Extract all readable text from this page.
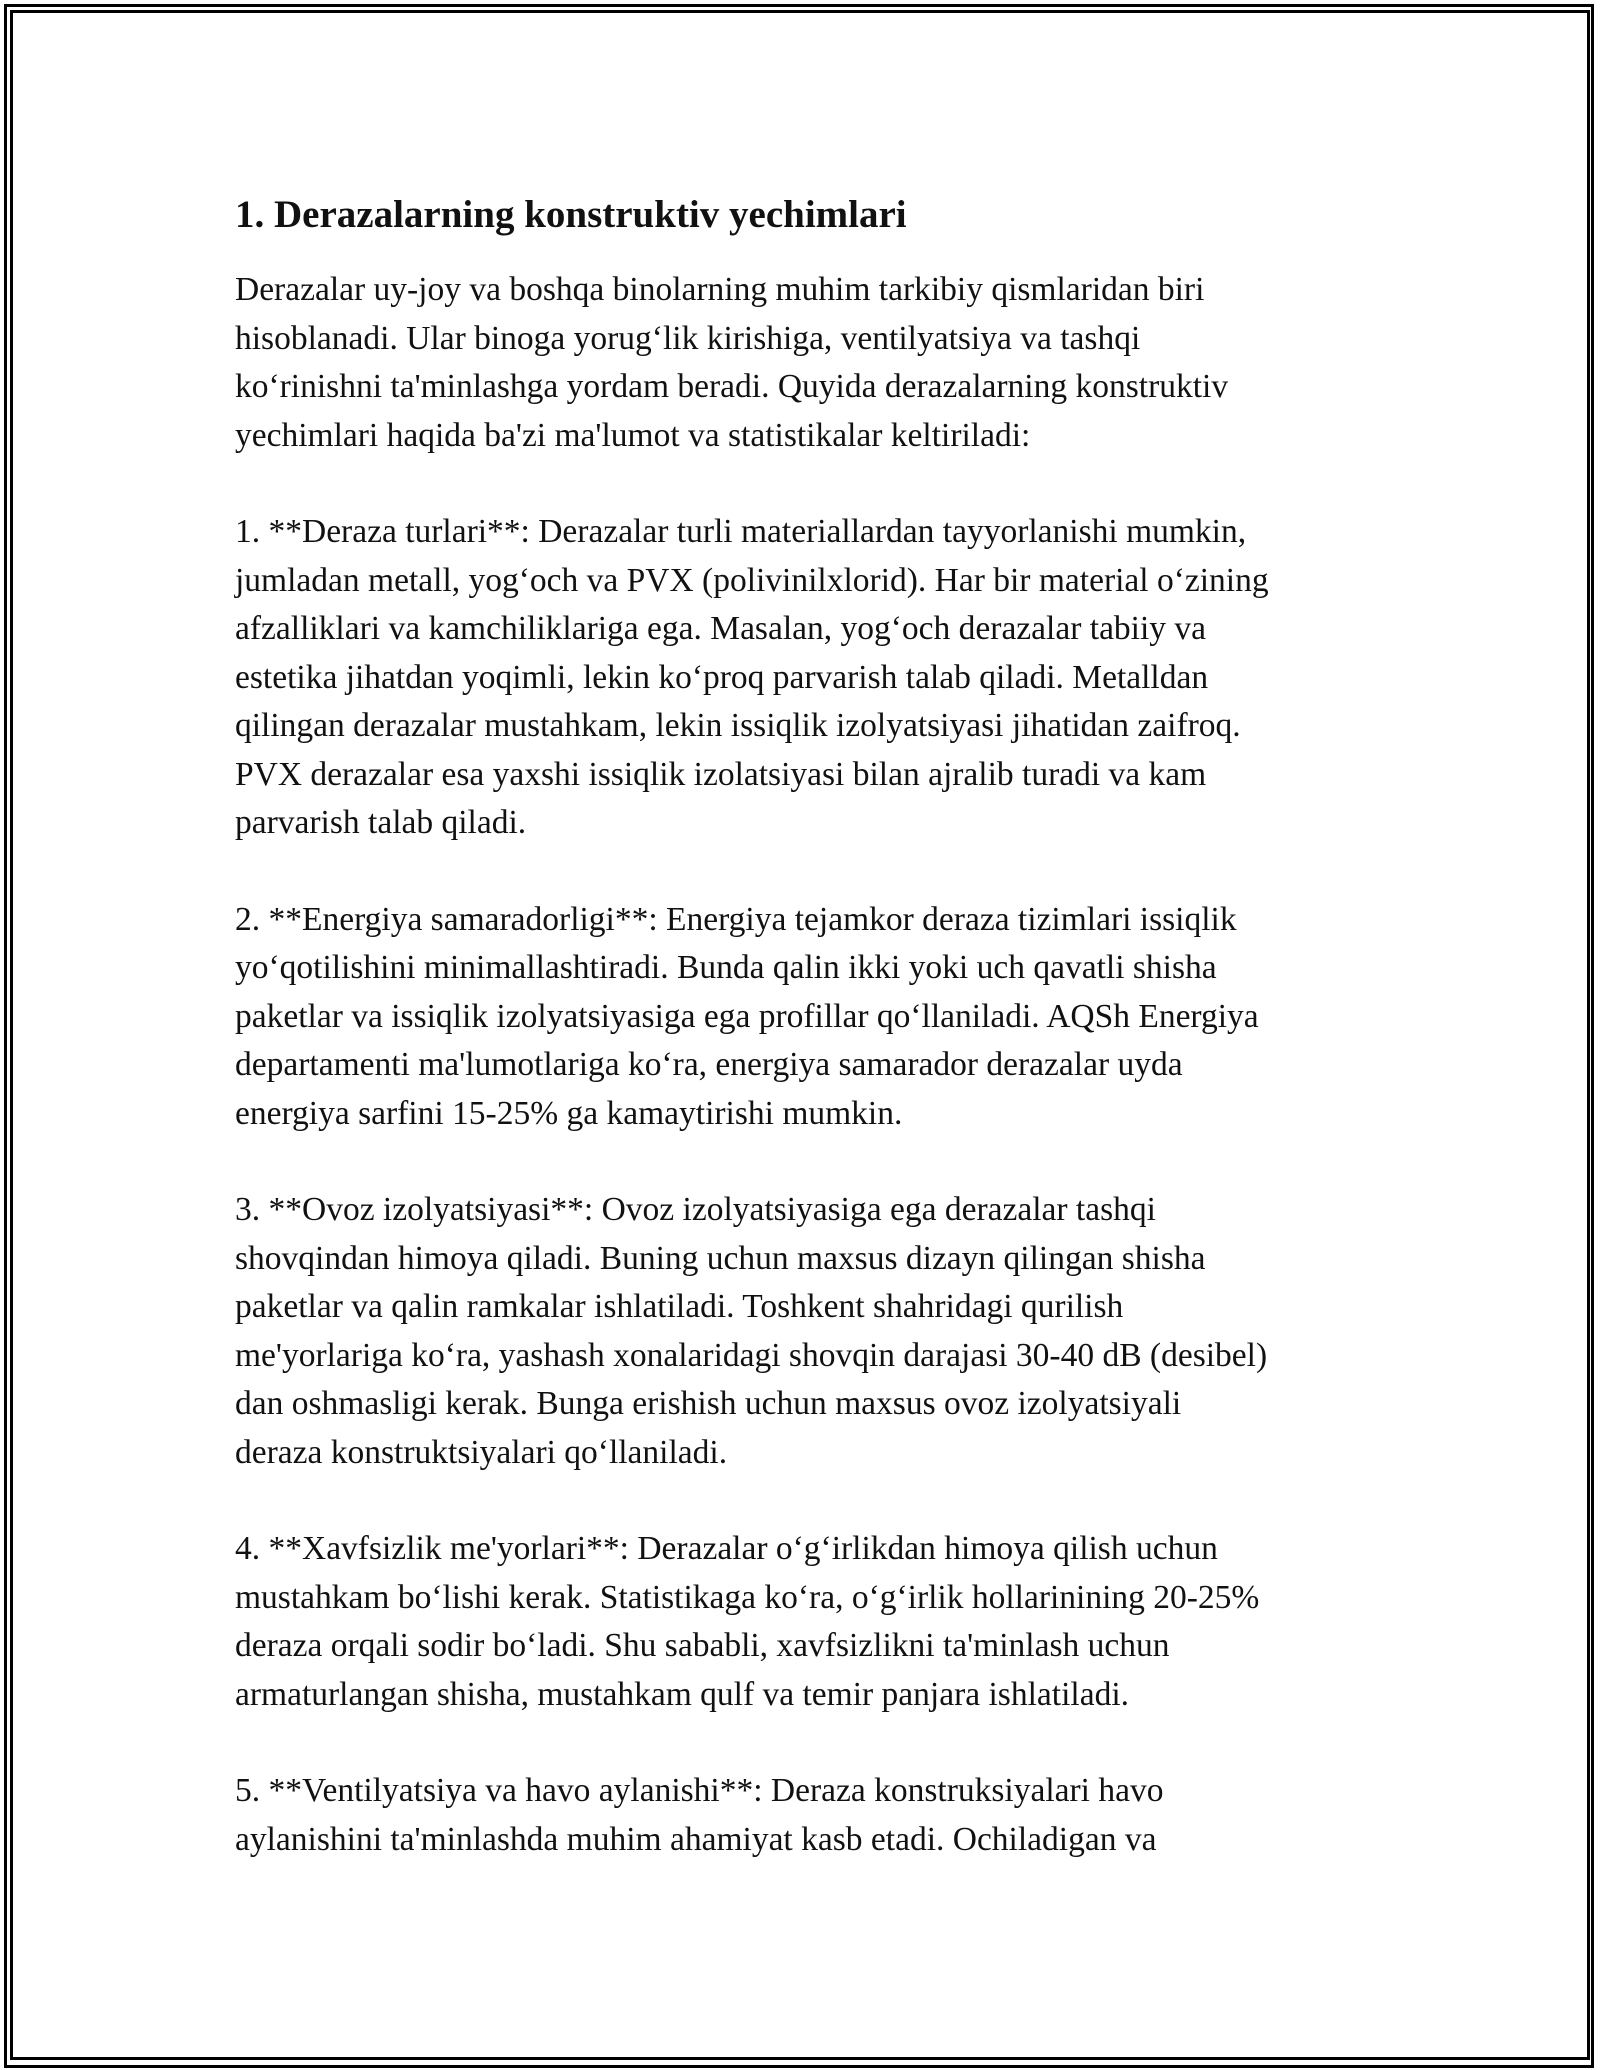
1. Derazalarning konstruktiv yechimlari

Derazalar uy-joy va boshqa binolarning muhim tarkibiy qismlaridan biri
hisoblanadi. Ular binoga yorug‘lik kirishiga, ventilyatsiya va tashqi
ko‘rinishni ta'minlashga yordam beradi. Quyida derazalarning konstruktiv
yechimlari haqida ba'zi ma'lumot va statistikalar keltiriladi:

1. **Deraza turlari**: Derazalar turli materiallardan tayyorlanishi mumkin,
jumladan metall, yog‘och va PVX (polivinilxlorid). Har bir material o‘zining
afzalliklari va kamchiliklariga ega. Masalan, yog‘och derazalar tabiiy va
estetika jihatdan yoqimli, lekin ko‘proq parvarish talab qiladi. Metalldan
qilingan derazalar mustahkam, lekin issiqlik izolyatsiyasi jihatidan zaifroq.
PVX derazalar esa yaxshi issiqlik izolatsiyasi bilan ajralib turadi va kam
parvarish talab qiladi.

2. **Energiya samaradorligi**: Energiya tejamkor deraza tizimlari issiqlik
yo‘qotilishini minimallashtiradi. Bunda qalin ikki yoki uch qavatli shisha
paketlar va issiqlik izolyatsiyasiga ega profillar qo‘llaniladi. AQSh Energiya
departamenti ma'lumotlariga ko‘ra, energiya samarador derazalar uyda
energiya sarfini 15-25% ga kamaytirishi mumkin.

3. **Ovoz izolyatsiyasi**: Ovoz izolyatsiyasiga ega derazalar tashqi
shovqindan himoya qiladi. Buning uchun maxsus dizayn qilingan shisha
paketlar va qalin ramkalar ishlatiladi. Toshkent shahridagi qurilish
me'yorlariga ko‘ra, yashash xonalaridagi shovqin darajasi 30-40 dB (desibel)
dan oshmasligi kerak. Bunga erishish uchun maxsus ovoz izolyatsiyali
deraza konstruktsiyalari qo‘llaniladi.

4. **Xavfsizlik me'yorlari**: Derazalar o‘g‘irlikdan himoya qilish uchun
mustahkam bo‘lishi kerak. Statistikaga ko‘ra, o‘g‘irlik hollarinining 20-25%
deraza orqali sodir bo‘ladi. Shu sababli, xavfsizlikni ta'minlash uchun
armaturlangan shisha, mustahkam qulf va temir panjara ishlatiladi.

5. **Ventilyatsiya va havo aylanishi**: Deraza konstruksiyalari havo
aylanishini ta'minlashda muhim ahamiyat kasb etadi. Ochiladigan va
